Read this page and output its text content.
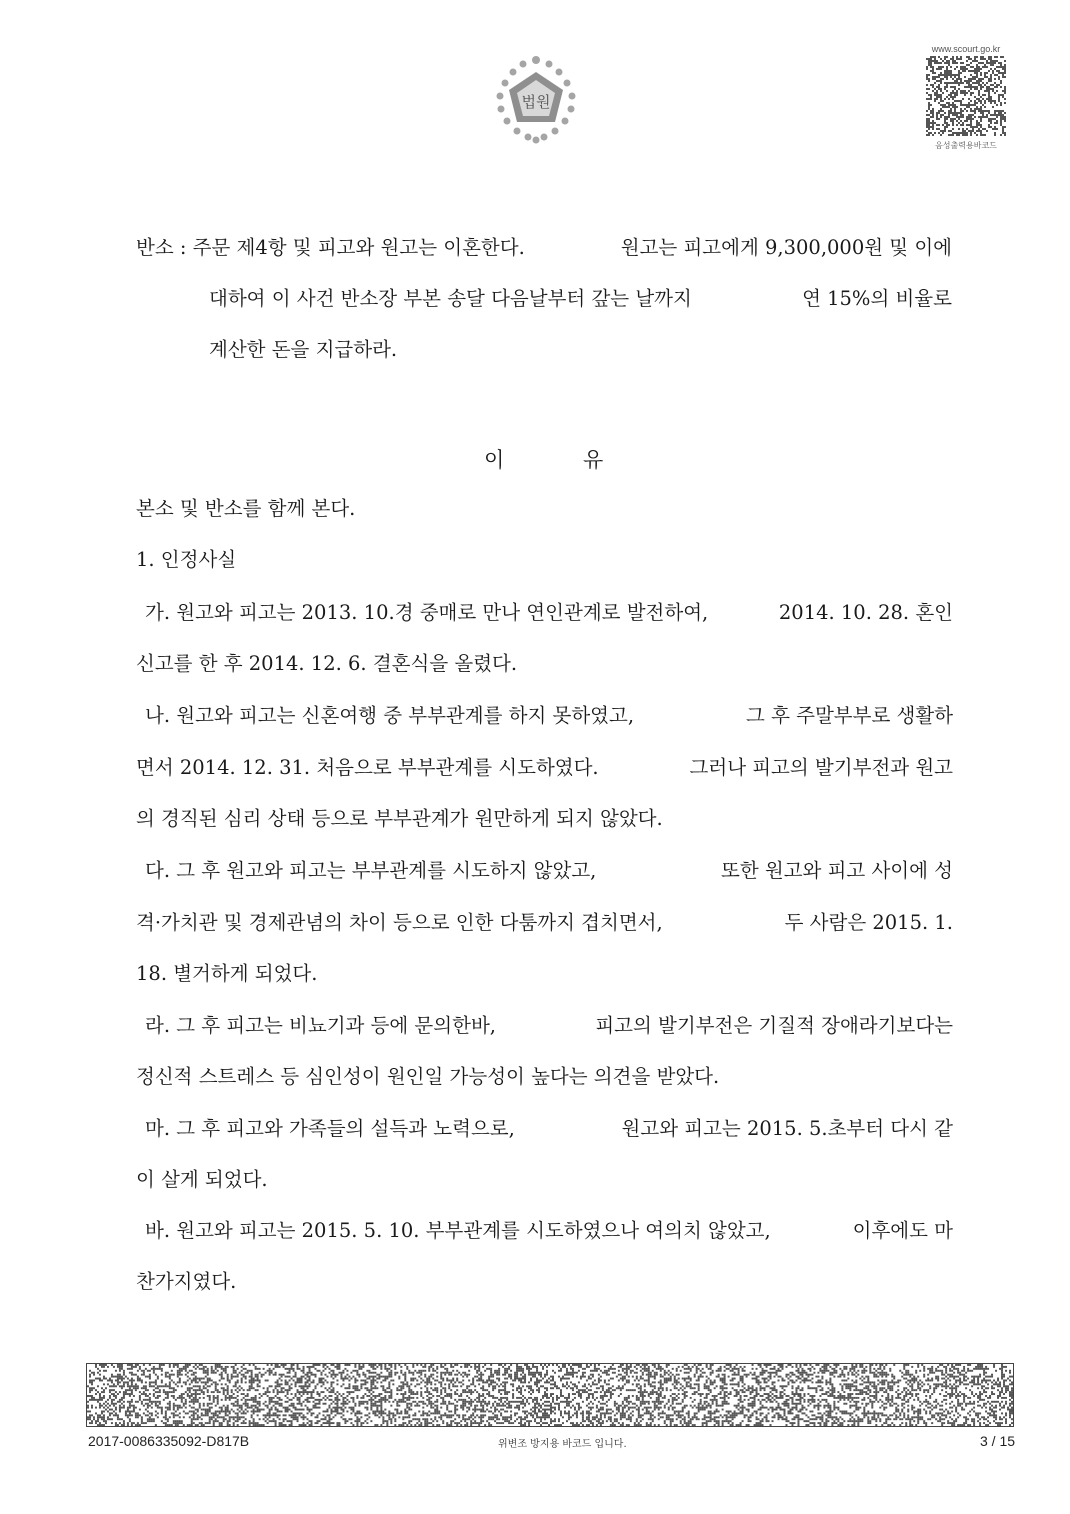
법원
www.scourt.go.kr
음성출력용바코드
반소 : 주문 제4항 및 피고와 원고는 이혼한다.	원고는 피고에게 9,300,000원 및 이에
대하여 이 사건 반소장 부본 송달 다음날부터 갚는 날까지	연 15%의 비율로
계산한 돈을 지급하라.
이	유
본소 및 반소를 함께 본다.
1. 인정사실
가. 원고와 피고는 2013. 10.경 중매로 만나 연인관계로 발전하여,	2014. 10. 28. 혼인
신고를 한 후 2014. 12. 6. 결혼식을 올렸다.
나. 원고와 피고는 신혼여행 중 부부관계를 하지 못하였고,	그 후 주말부부로 생활하
면서 2014. 12. 31. 처음으로 부부관계를 시도하였다.	그러나 피고의 발기부전과 원고
의 경직된 심리 상태 등으로 부부관계가 원만하게 되지 않았다.
다. 그 후 원고와 피고는 부부관계를 시도하지 않았고,	또한 원고와 피고 사이에 성
격·가치관 및 경제관념의 차이 등으로 인한 다툼까지 겹치면서,	두 사람은 2015. 1.
18. 별거하게 되었다.
라. 그 후 피고는 비뇨기과 등에 문의한바,	피고의 발기부전은 기질적 장애라기보다는
정신적 스트레스 등 심인성이 원인일 가능성이 높다는 의견을 받았다.
마. 그 후 피고와 가족들의 설득과 노력으로,	원고와 피고는 2015. 5.초부터 다시 같
이 살게 되었다.
바. 원고와 피고는 2015. 5. 10. 부부관계를 시도하였으나 여의치 않았고,	이후에도 마
찬가지였다.
2017-0086335092-D817B	위변조 방지용 바코드 입니다.	3 / 15
